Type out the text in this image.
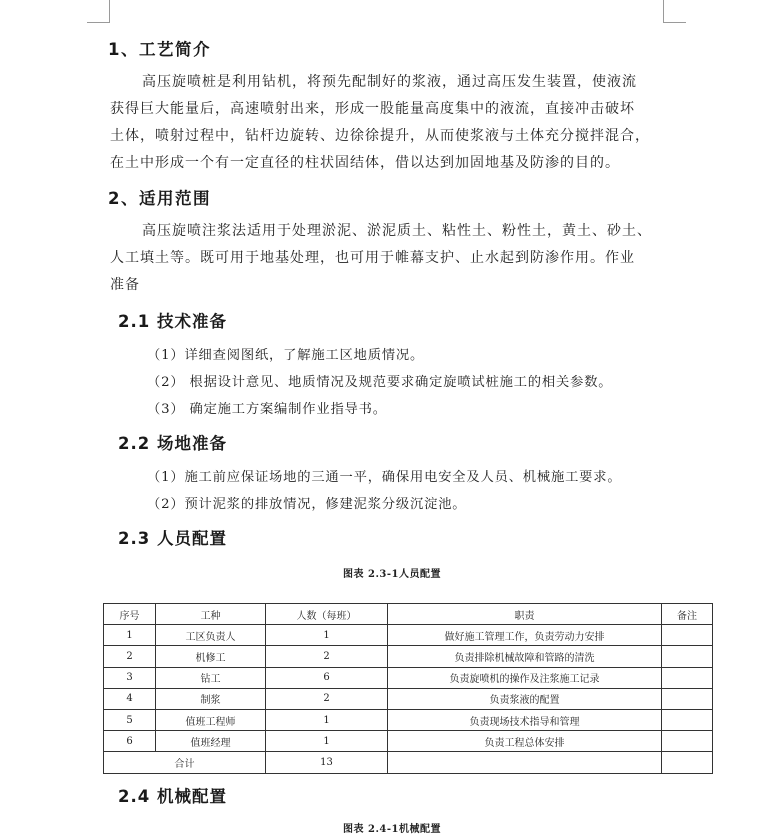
1、工艺简介
高压旋喷桩是利用钻机，将预先配制好的浆液，通过高压发生装置，使液流
获得巨大能量后，高速喷射出来，形成一股能量高度集中的液流，直接冲击破坏
土体，喷射过程中，钻杆边旋转、边徐徐提升，从而使浆液与土体充分搅拌混合，
在土中形成一个有一定直径的柱状固结体，借以达到加固地基及防渗的目的。
2、适用范围
高压旋喷注浆法适用于处理淤泥、淤泥质土、粘性土、粉性土，黄土、砂土、
人工填土等。既可用于地基处理，也可用于帷幕支护、止水起到防渗作用。作业
准备
2.1 技术准备
（1）详细查阅图纸，了解施工区地质情况。
（2） 根据设计意见、地质情况及规范要求确定旋喷试桩施工的相关参数。
（3） 确定施工方案编制作业指导书。
2.2 场地准备
（1）施工前应保证场地的三通一平，确保用电安全及人员、机械施工要求。
（2）预计泥浆的排放情况，修建泥浆分级沉淀池。
2.3 人员配置
图表 2.3-1人员配置
序号	工种	人数（每班）	职责	备注
1	工区负责人	1	做好施工管理工作，负责劳动力安排	
2	机修工	2	负责排除机械故障和管路的清洗	
3	钻工	6	负责旋喷机的操作及注浆施工记录	
4	制浆	2	负责浆液的配置	
5	值班工程师	1	负责现场技术指导和管理	
6	值班经理	1	负责工程总体安排	
合计		13		
2.4 机械配置
图表 2.4-1机械配置
